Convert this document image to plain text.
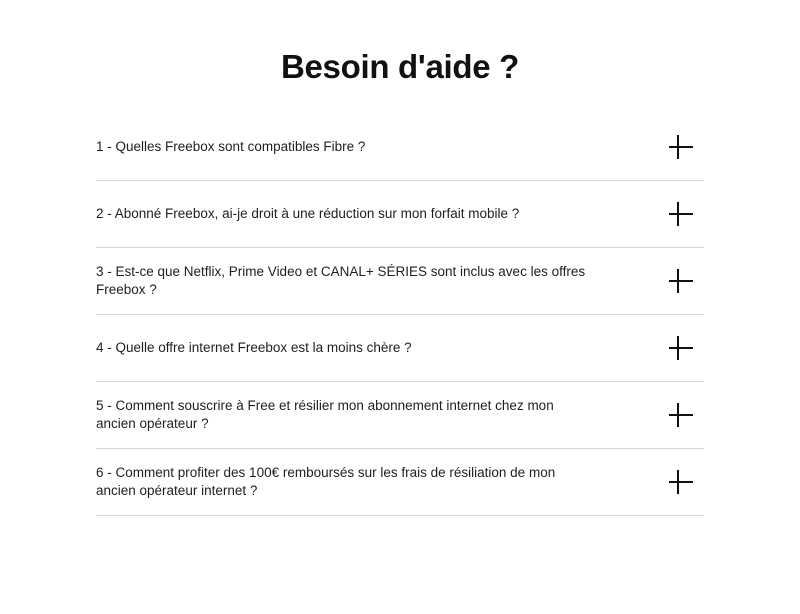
Besoin d'aide ?
1 - Quelles Freebox sont compatibles Fibre ?
2 - Abonné Freebox, ai-je droit à une réduction sur mon forfait mobile ?
3 - Est-ce que Netflix, Prime Video et CANAL+ SÉRIES sont inclus avec les offres Freebox ?
4 - Quelle offre internet Freebox est la moins chère ?
5 - Comment souscrire à Free et résilier mon abonnement internet chez mon ancien opérateur ?
6 - Comment profiter des 100€ remboursés sur les frais de résiliation de mon ancien opérateur internet ?
